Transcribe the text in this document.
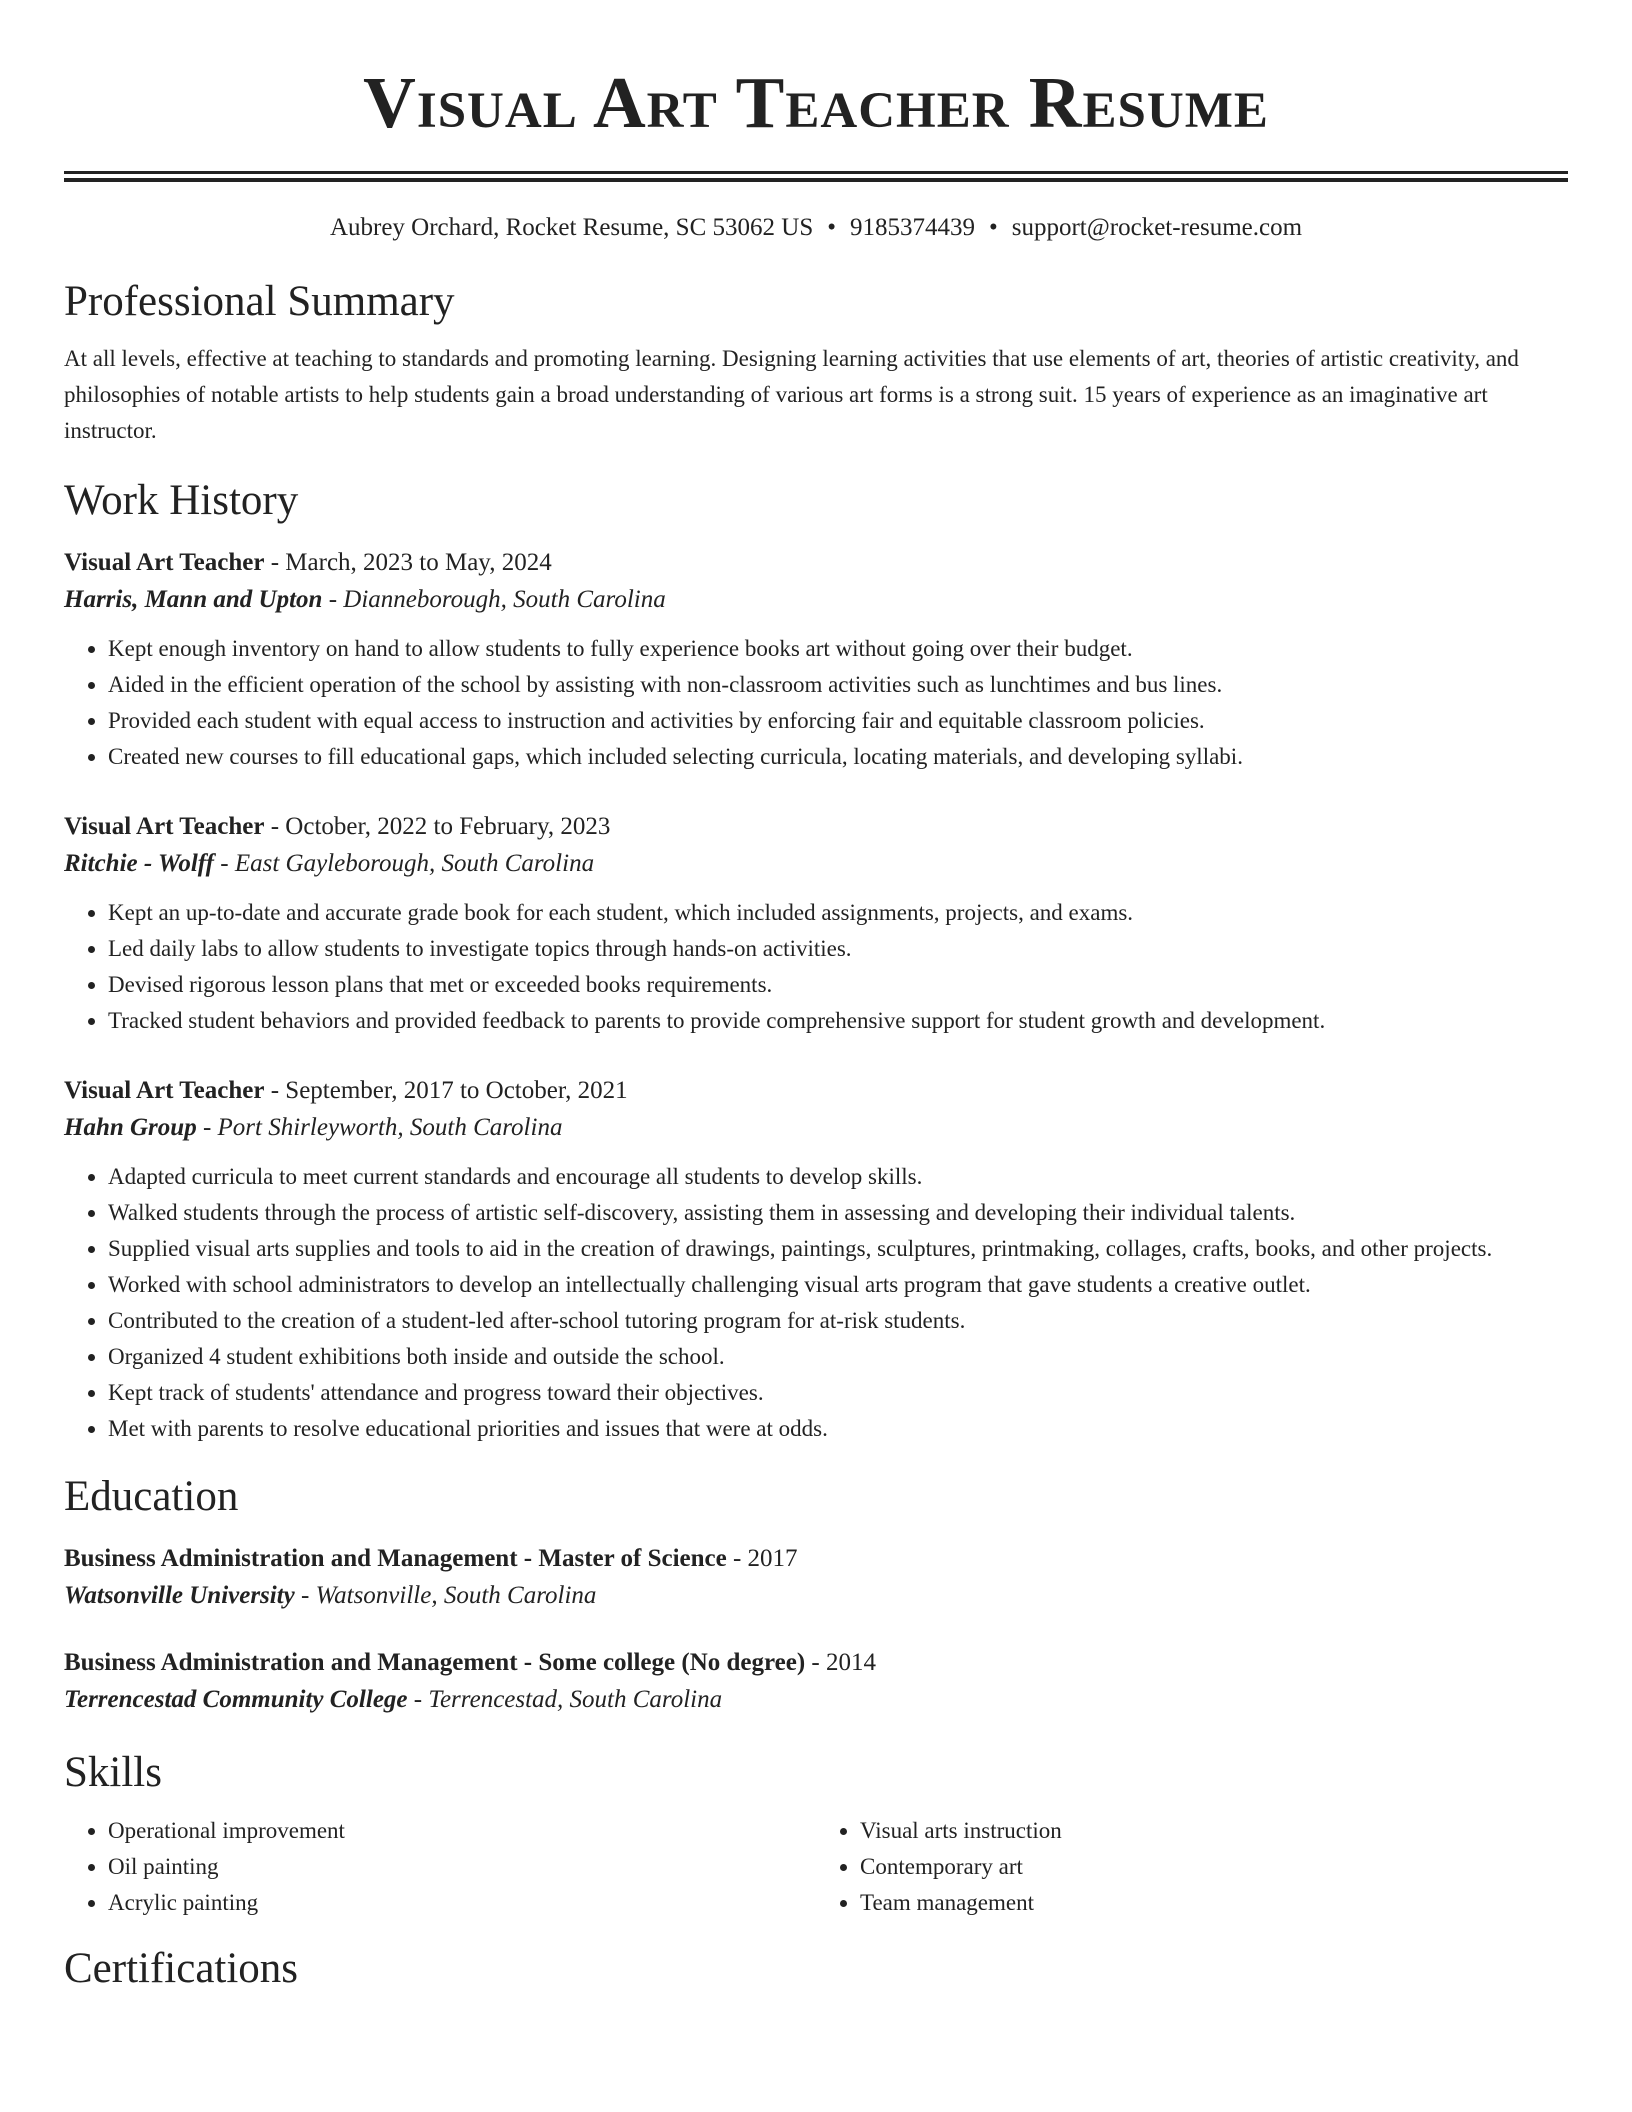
Visual Art Teacher Resume
Aubrey Orchard, Rocket Resume, SC 53062 US • 9185374439 • support@rocket-resume.com
Professional Summary
At all levels, effective at teaching to standards and promoting learning. Designing learning activities that use elements of art, theories of artistic creativity, and philosophies of notable artists to help students gain a broad understanding of various art forms is a strong suit. 15 years of experience as an imaginative art instructor.
Work History
Visual Art Teacher - March, 2023 to May, 2024
Harris, Mann and Upton - Dianneborough, South Carolina
• Kept enough inventory on hand to allow students to fully experience books art without going over their budget.
• Aided in the efficient operation of the school by assisting with non-classroom activities such as lunchtimes and bus lines.
• Provided each student with equal access to instruction and activities by enforcing fair and equitable classroom policies.
• Created new courses to fill educational gaps, which included selecting curricula, locating materials, and developing syllabi.
Visual Art Teacher - October, 2022 to February, 2023
Ritchie - Wolff - East Gayleborough, South Carolina
• Kept an up-to-date and accurate grade book for each student, which included assignments, projects, and exams.
• Led daily labs to allow students to investigate topics through hands-on activities.
• Devised rigorous lesson plans that met or exceeded books requirements.
• Tracked student behaviors and provided feedback to parents to provide comprehensive support for student growth and development.
Visual Art Teacher - September, 2017 to October, 2021
Hahn Group - Port Shirleyworth, South Carolina
• Adapted curricula to meet current standards and encourage all students to develop skills.
• Walked students through the process of artistic self-discovery, assisting them in assessing and developing their individual talents.
• Supplied visual arts supplies and tools to aid in the creation of drawings, paintings, sculptures, printmaking, collages, crafts, books, and other projects.
• Worked with school administrators to develop an intellectually challenging visual arts program that gave students a creative outlet.
• Contributed to the creation of a student-led after-school tutoring program for at-risk students.
• Organized 4 student exhibitions both inside and outside the school.
• Kept track of students' attendance and progress toward their objectives.
• Met with parents to resolve educational priorities and issues that were at odds.
Education
Business Administration and Management - Master of Science - 2017
Watsonville University - Watsonville, South Carolina
Business Administration and Management - Some college (No degree) - 2014
Terrencestad Community College - Terrencestad, South Carolina
Skills
• Operational improvement
• Oil painting
• Acrylic painting
• Visual arts instruction
• Contemporary art
• Team management
Certifications
